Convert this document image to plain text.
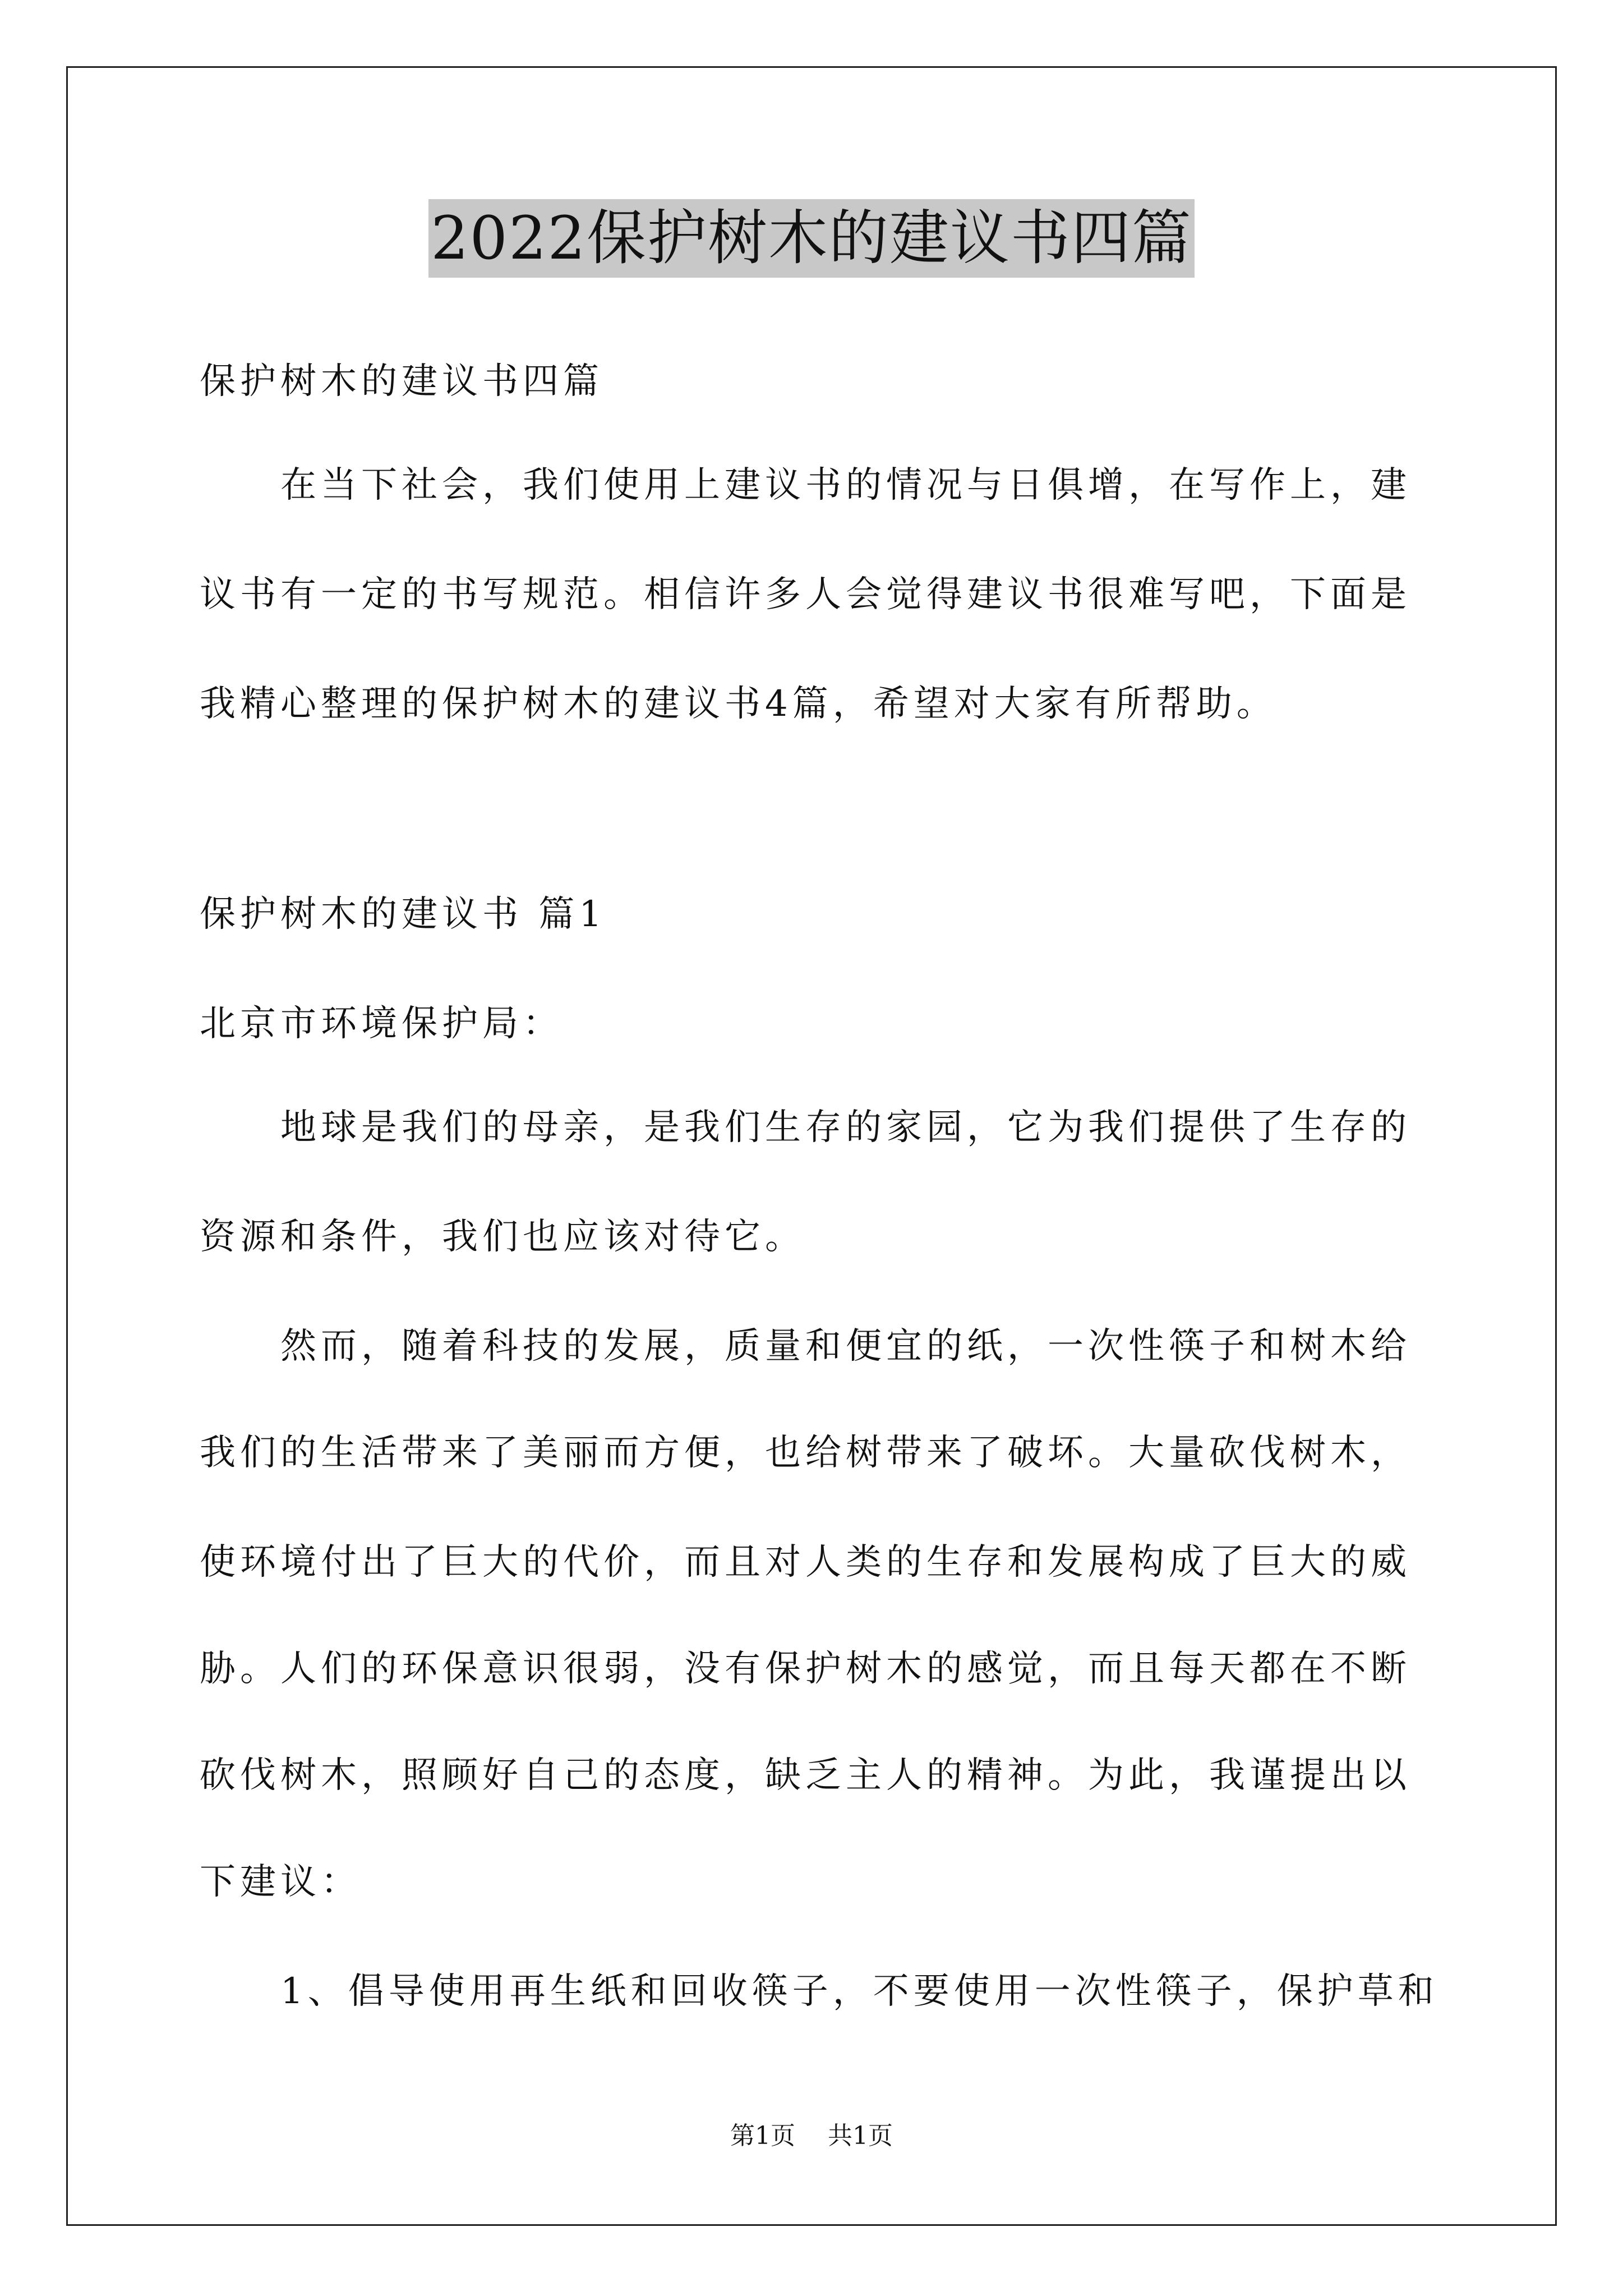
2022保护树木的建议书四篇
保护树木的建议书四篇
在当下社会，我们使用上建议书的情况与日俱增，在写作上，建
议书有一定的书写规范。相信许多人会觉得建议书很难写吧，下面是
我精心整理的保护树木的建议书4篇，希望对大家有所帮助。
保护树木的建议书 篇1
北京市环境保护局：
地球是我们的母亲，是我们生存的家园，它为我们提供了生存的
资源和条件，我们也应该对待它。
然而，随着科技的发展，质量和便宜的纸，一次性筷子和树木给
我们的生活带来了美丽而方便，也给树带来了破坏。大量砍伐树木，
使环境付出了巨大的代价，而且对人类的生存和发展构成了巨大的威
胁。人们的环保意识很弱，没有保护树木的感觉，而且每天都在不断
砍伐树木，照顾好自己的态度，缺乏主人的精神。为此，我谨提出以
下建议：
1、倡导使用再生纸和回收筷子，不要使用一次性筷子，保护草和
第1页 共1页
